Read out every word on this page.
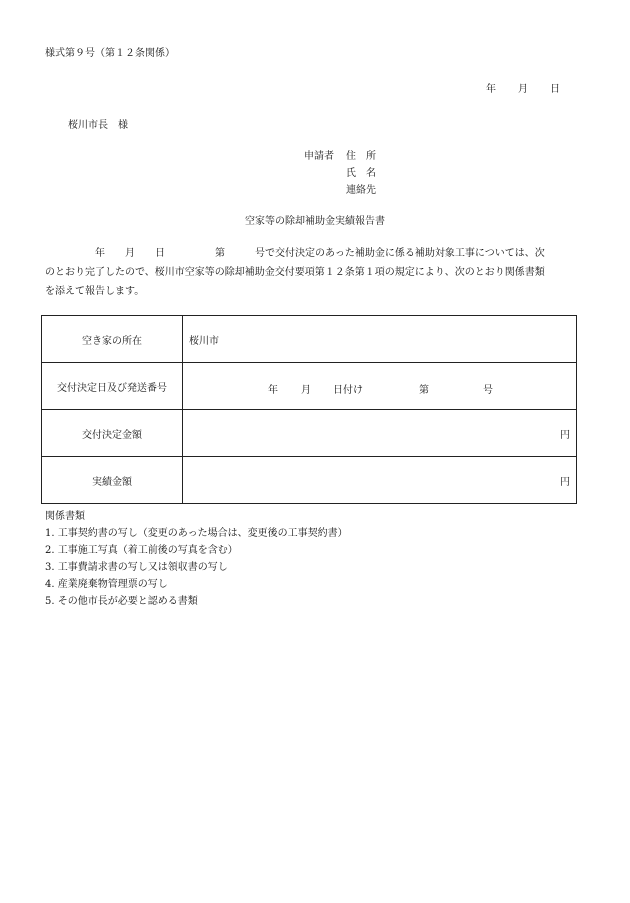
様式第９号（第１２条関係）
年 月 日
桜川市長　様
申請者 住　所
氏　名
連絡先
空家等の除却補助金実績報告書

　　　　　年　　月　　日　　　　　第　　　号で交付決定のあった補助金に係る補助対象工事については、次

のとおり完了したので、桜川市空家等の除却補助金交付要項第１２条第１項の規定により、次のとおり関係書類

を添えて報告します。

空き家の所在	桜川市
交付決定日及び発送番号	年 月 日付け 第 号

交付決定金額	円

実績金額	円
関係書類
1. 工事契約書の写し（変更のあった場合は、変更後の工事契約書）
2. 工事施工写真（着工前後の写真を含む）
3. 工事費請求書の写し又は領収書の写し
4. 産業廃棄物管理票の写し
5. その他市長が必要と認める書類
